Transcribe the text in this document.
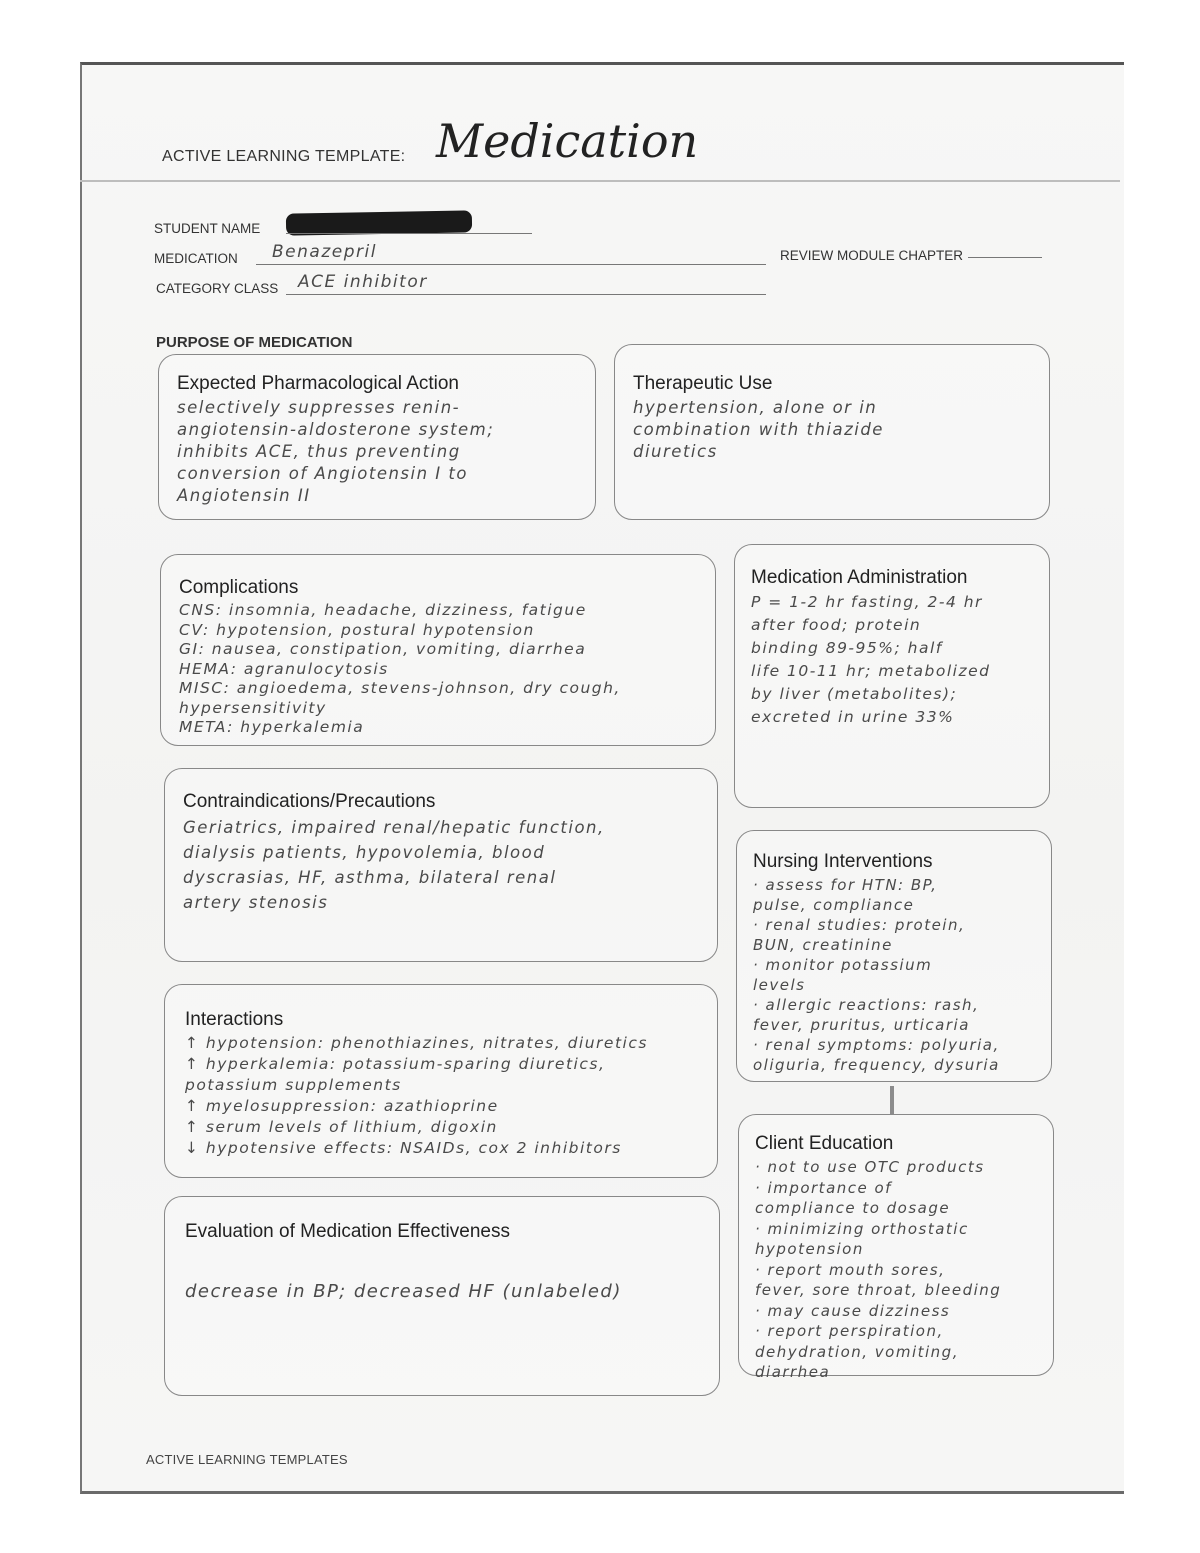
ACTIVE LEARNING TEMPLATE: Medication
STUDENT NAME
MEDICATION Benazepril	REVIEW MODULE CHAPTER
CATEGORY CLASS ACE inhibitor
PURPOSE OF MEDICATION
Expected Pharmacological Action
selectively suppresses renin-
angiotensin-aldosterone system;
inhibits ACE, thus preventing
conversion of Angiotensin I to
Angiotensin II
Therapeutic Use
hypertension, alone or in
combination with thiazide
diuretics
Complications
CNS: insomnia, headache, dizziness, fatigue
CV: hypotension, postural hypotension
GI: nausea, constipation, vomiting, diarrhea
HEMA: agranulocytosis
MISC: angioedema, stevens-johnson, dry cough,
hypersensitivity
META: hyperkalemia
Medication Administration
P = 1-2 hr fasting, 2-4 hr
after food; protein
binding 89-95%; half
life 10-11 hr; metabolized
by liver (metabolites);
excreted in urine 33%
Contraindications/Precautions
Geriatrics, impaired renal/hepatic function,
dialysis patients, hypovolemia, blood
dyscrasias, HF, asthma, bilateral renal
artery stenosis
Nursing Interventions
· assess for HTN: BP,
pulse, compliance
· renal studies: protein,
BUN, creatinine
· monitor potassium
levels
· allergic reactions: rash,
fever, pruritus, urticaria
· renal symptoms: polyuria,
oliguria, frequency, dysuria
Interactions
↑ hypotension: phenothiazines, nitrates, diuretics
↑ hyperkalemia: potassium-sparing diuretics,
potassium supplements
↑ myelosuppression: azathioprine
↑ serum levels of lithium, digoxin
↓ hypotensive effects: NSAIDs, cox 2 inhibitors	Client Education
· not to use OTC products
· importance of
compliance to dosage
· minimizing orthostatic
hypotension
· report mouth sores,
fever, sore throat, bleeding
· may cause dizziness
· report perspiration,
dehydration, vomiting,
diarrhea
Evaluation of Medication Effectiveness
decrease in BP; decreased HF (unlabeled)
ACTIVE LEARNING TEMPLATES
